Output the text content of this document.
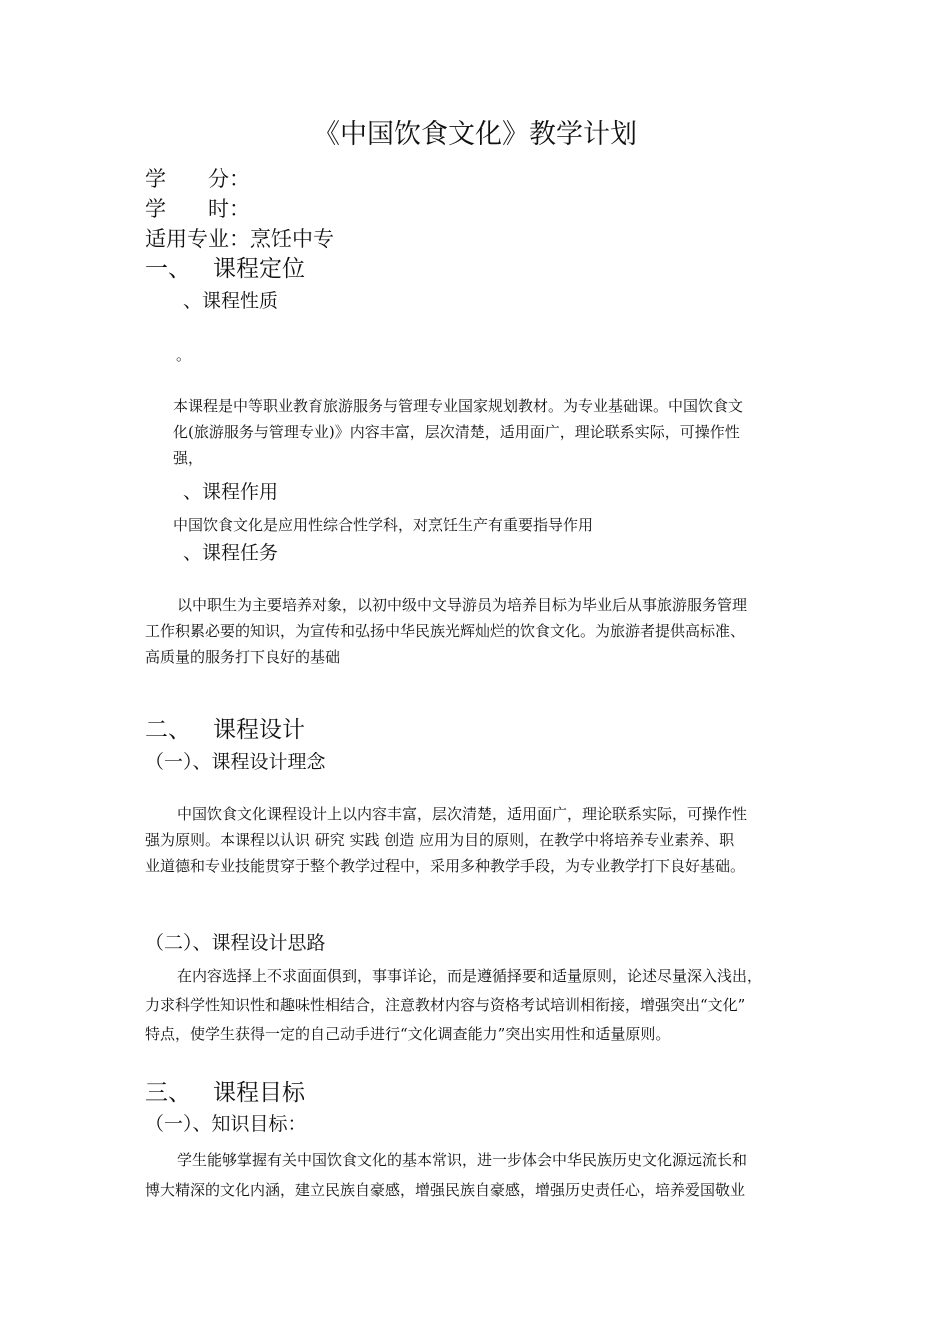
《中国饮食文化》教学计划
学　　分：
学　　时：
适用专业：烹饪中专
一、 课程定位
、课程性质
。
本课程是中等职业教育旅游服务与管理专业国家规划教材。为专业基础课。中国饮食文
化(旅游服务与管理专业)》内容丰富，层次清楚，适用面广，理论联系实际，可操作性
强，
、课程作用
中国饮食文化是应用性综合性学科，对烹饪生产有重要指导作用
、课程任务
以中职生为主要培养对象，以初中级中文导游员为培养目标为毕业后从事旅游服务管理
工作积累必要的知识，为宣传和弘扬中华民族光辉灿烂的饮食文化。为旅游者提供高标准、
高质量的服务打下良好的基础
二、 课程设计
（一）、课程设计理念
中国饮食文化课程设计上以内容丰富，层次清楚，适用面广，理论联系实际，可操作性
强为原则。本课程以认识 研究 实践 创造 应用为目的原则，在教学中将培养专业素养、职
业道德和专业技能贯穿于整个教学过程中，采用多种教学手段，为专业教学打下良好基础。
（二）、课程设计思路
在内容选择上不求面面俱到，事事详论，而是遵循择要和适量原则，论述尽量深入浅出，
力求科学性知识性和趣味性相结合，注意教材内容与资格考试培训相衔接，增强突出“文化”
特点，使学生获得一定的自己动手进行“文化调查能力”突出实用性和适量原则。
三、 课程目标
（一）、知识目标：
学生能够掌握有关中国饮食文化的基本常识，进一步体会中华民族历史文化源远流长和
博大精深的文化内涵，建立民族自豪感，增强民族自豪感，增强历史责任心，培养爱国敬业
